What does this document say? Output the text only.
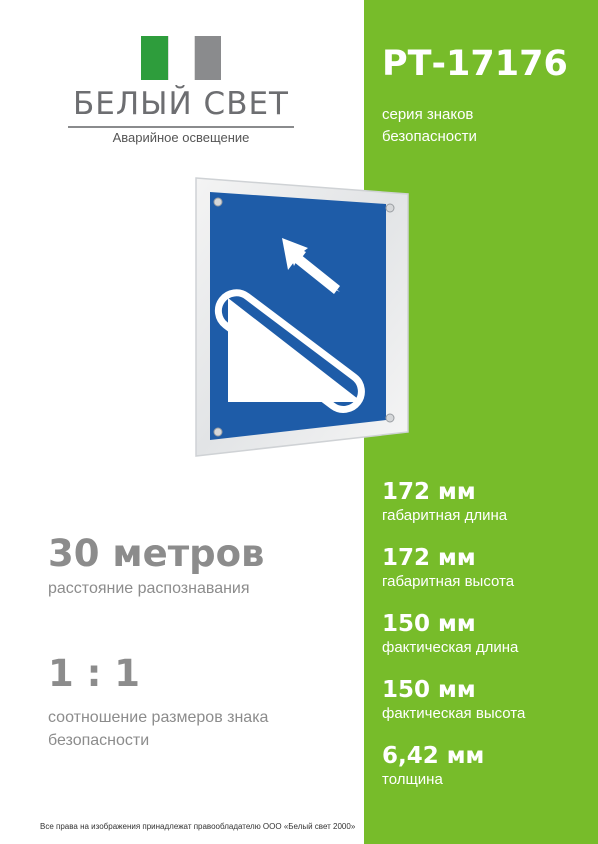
БЕЛЫЙ СВЕТ
Аварийное освещение
РТ-17176
серия знаков
безопасности
172 мм
габаритная длина
172 мм
габаритная высота
150 мм
фактическая длина
150 мм
фактическая высота
6,42 мм
толщина
30 метров
расстояние распознавания
1 : 1
соотношение размеров знака безопасности
Все права на изображения принадлежат правообладателю ООО «Белый свет 2000»
